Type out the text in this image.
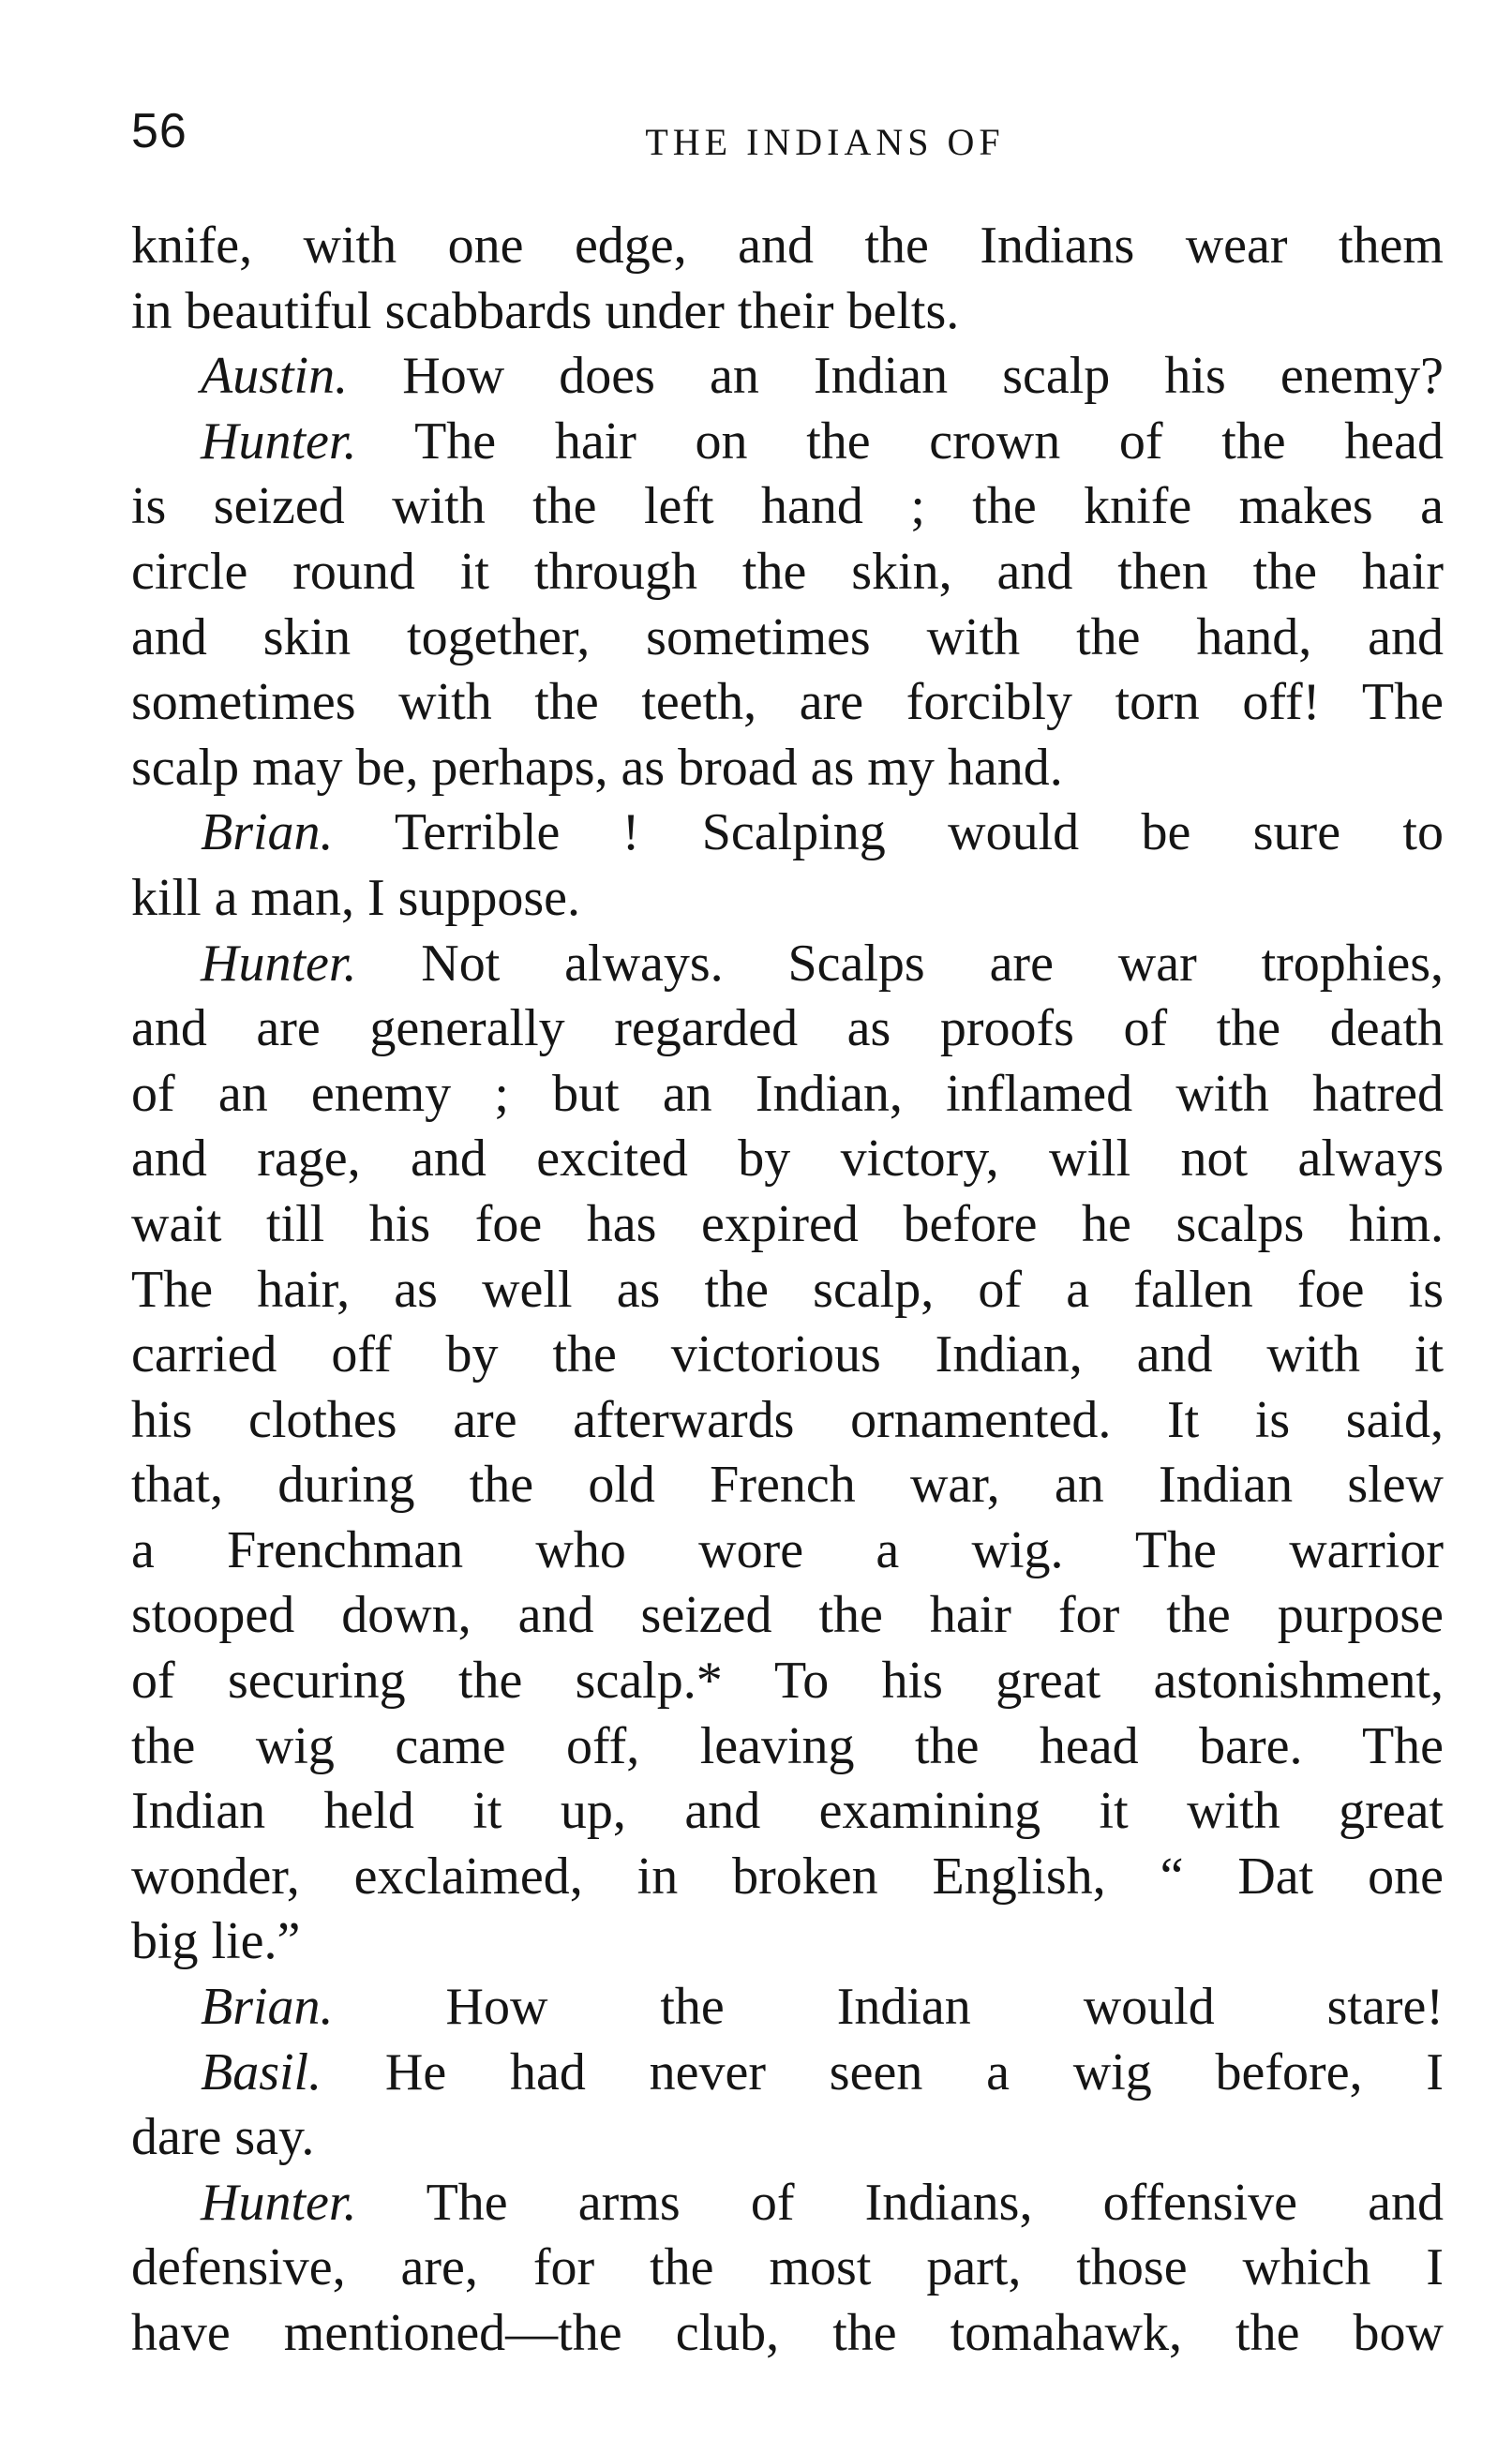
56	THE INDIANS OF
knife, with one edge, and the Indians wear them
in beautiful scabbards under their belts.
Austin. How does an Indian scalp his enemy?
Hunter. The hair on the crown of the head
is seized with the left hand ; the knife makes a
circle round it through the skin, and then the hair
and skin together, sometimes with the hand, and
sometimes with the teeth, are forcibly torn off! The
scalp may be, perhaps, as broad as my hand.
Brian. Terrible ! Scalping would be sure to
kill a man, I suppose.
Hunter. Not always. Scalps are war trophies,
and are generally regarded as proofs of the death
of an enemy ; but an Indian, inflamed with hatred
and rage, and excited by victory, will not always
wait till his foe has expired before he scalps him.
The hair, as well as the scalp, of a fallen foe is
carried off by the victorious Indian, and with it
his clothes are afterwards ornamented. It is said,
that, during the old French war, an Indian slew
a Frenchman who wore a wig. The warrior
stooped down, and seized the hair for the purpose
of securing the scalp.* To his great astonishment,
the wig came off, leaving the head bare. The
Indian held it up, and examining it with great
wonder, exclaimed, in broken English, “ Dat one
big lie.”
Brian. How the Indian would stare!
Basil. He had never seen a wig before, I
dare say.
Hunter. The arms of Indians, offensive and
defensive, are, for the most part, those which I
have mentioned—the club, the tomahawk, the bow
